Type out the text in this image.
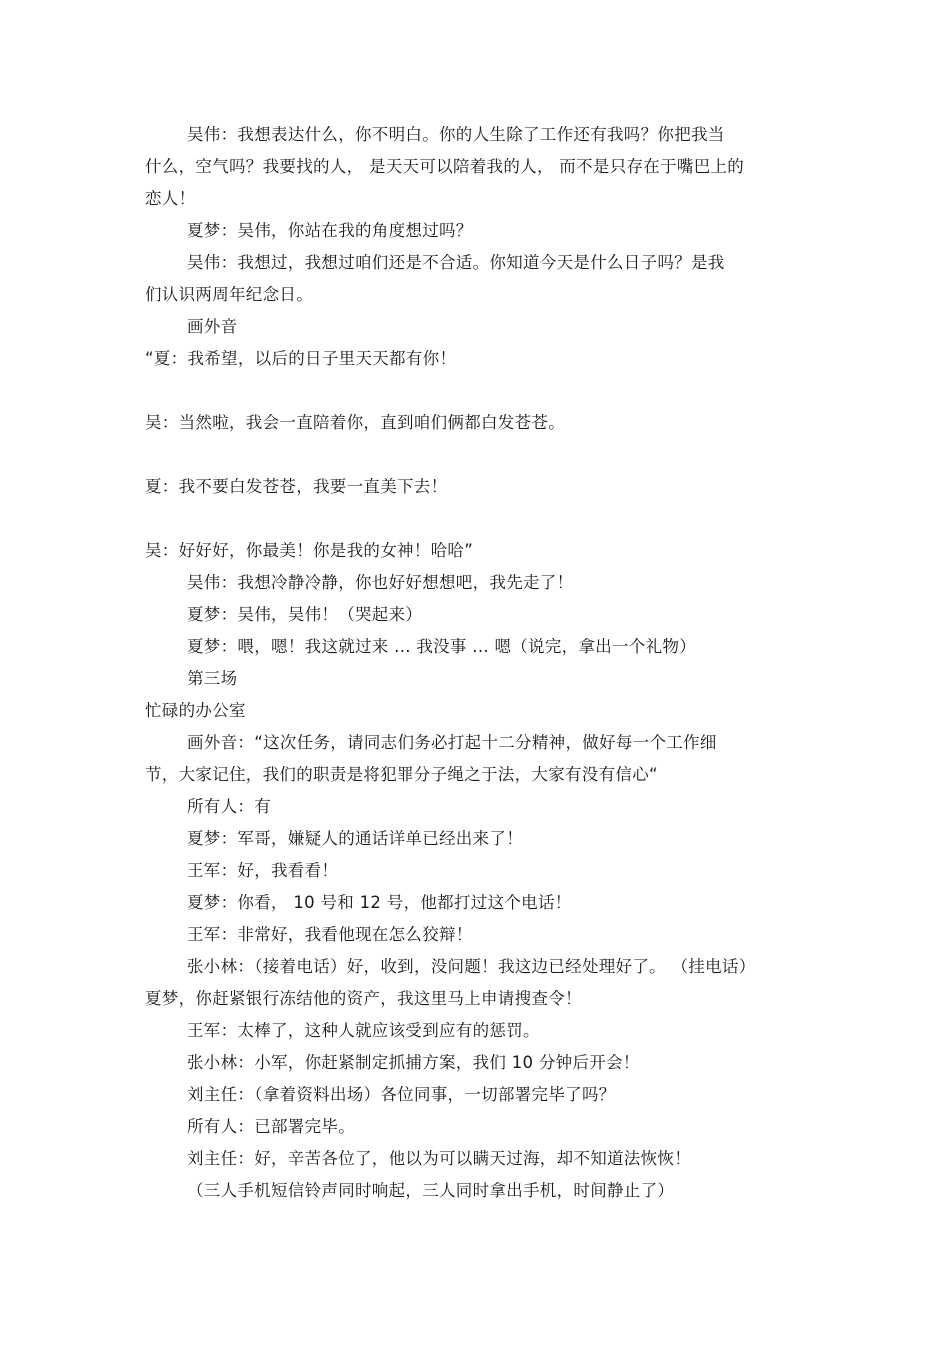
吴伟：我想表达什么，你不明白。你的人生除了工作还有我吗？你把我当
什么，空气吗？我要找的人， 是天天可以陪着我的人， 而不是只存在于嘴巴上的
恋人！
夏梦：吴伟，你站在我的角度想过吗？
吴伟：我想过，我想过咱们还是不合适。你知道今天是什么日子吗？是我
们认识两周年纪念日。
画外音
“夏：我希望，以后的日子里天天都有你！
吴：当然啦，我会一直陪着你，直到咱们俩都白发苍苍。
夏：我不要白发苍苍，我要一直美下去！
吴：好好好，你最美！你是我的女神！哈哈”
吴伟：我想冷静冷静，你也好好想想吧，我先走了！
夏梦：吴伟，吴伟！（哭起来）
夏梦：喂，嗯！我这就过来 ... 我没事 ... 嗯（说完，拿出一个礼物）
第三场
忙碌的办公室
画外音：“这次任务，请同志们务必打起十二分精神，做好每一个工作细
节，大家记住，我们的职责是将犯罪分子绳之于法，大家有没有信心“
所有人：有
夏梦：军哥，嫌疑人的通话详单已经出来了！
王军：好，我看看！
夏梦：你看， 10 号和 12 号，他都打过这个电话！
王军：非常好，我看他现在怎么狡辩！
张小林：（接着电话）好，收到，没问题！我这边已经处理好了。 （挂电话）
夏梦，你赶紧银行冻结他的资产，我这里马上申请搜查令！
王军：太棒了，这种人就应该受到应有的惩罚。
张小林：小军，你赶紧制定抓捕方案，我们 10 分钟后开会！
刘主任：（拿着资料出场）各位同事，一切部署完毕了吗？
所有人：已部署完毕。
刘主任：好，辛苦各位了，他以为可以瞒天过海，却不知道法恢恢！
（三人手机短信铃声同时响起，三人同时拿出手机，时间静止了）
